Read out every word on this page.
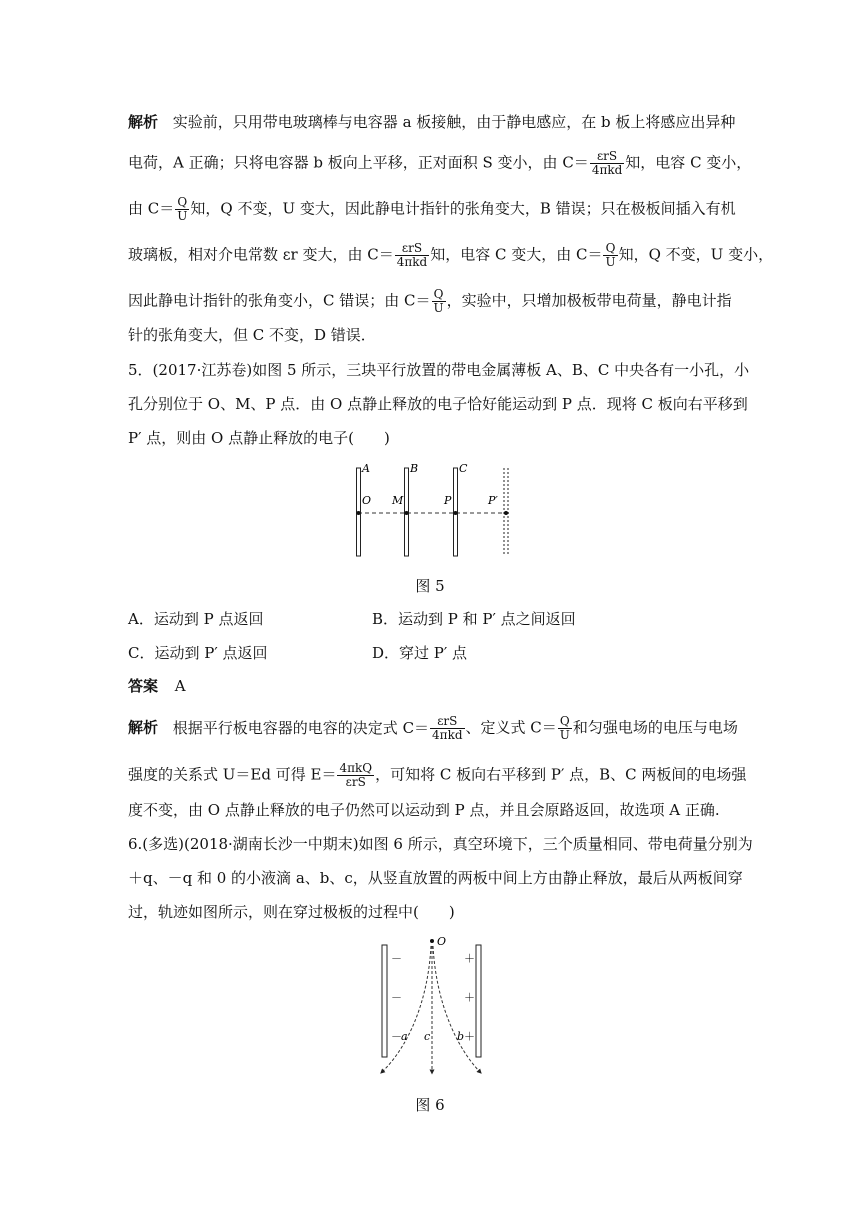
解析 实验前，只用带电玻璃棒与电容器 a 板接触，由于静电感应，在 b 板上将感应出异种
电荷，A 正确；只将电容器 b 板向上平移，正对面积 S 变小，由 $C= \frac{\text{εrS}}{\text{4πkd}}$ 知，电容 C 变小，
由 $C= \frac{Q}{U}$ 知，Q 不变，U 变大，因此静电计指针的张角变大，B 错误；只在极板间插入有机
玻璃板，相对介电常数 εr 变大，由 $C= \frac{\text{εrS}}{\text{4πkd}}$ 知，电容 C 变大，由 $C= \frac{Q}{U}$ 知，Q 不变，U 变小，
因此静电计指针的张角变小，C 错误；由 $C= \frac{Q}{U}$ ，实验中，只增加极板带电荷量，静电计指
针的张角变大，但 C 不变，D 错误．
5．(2017·江苏卷)如图 5 所示，三块平行放置的带电金属薄板 A、B、C 中央各有一小孔，小
孔分别位于 O、M、P 点．由 O 点静止释放的电子恰好能运动到 P 点．现将 C 板向右平移到
P′ 点，则由 O 点静止释放的电子(　　)
A	B	C
O M	P	P′
图 5
A．运动到 P 点返回	B．运动到 P 和 P′ 点之间返回
C．运动到 P′ 点返回	D．穿过 P′ 点
答案 A
解析 根据平行板电容器的电容的决定式 $C= \frac{\text{εrS}}{\text{4πkd}}$ 、定义式 $C= \frac{Q}{U}$ 和匀强电场的电压与电场
强度的关系式 U＝Ed 可得 $E= \frac{\text{4πkQ}}{\text{εrS}}$ ，可知将 C 板向右平移到 P′ 点，B、C 两板间的电场强
度不变，由 O 点静止释放的电子仍然可以运动到 P 点，并且会原路返回，故选项 A 正确.
6.(多选)(2018·湖南长沙一中期末)如图 6 所示，真空环境下，三个质量相同、带电荷量分别为
＋q、－q 和 0 的小液滴 a、b、c，从竖直放置的两板中间上方由静止释放，最后从两板间穿
过，轨迹如图所示，则在穿过极板的过程中(　　)
O
－
－
－
＋
＋
＋
a c b
图 6
